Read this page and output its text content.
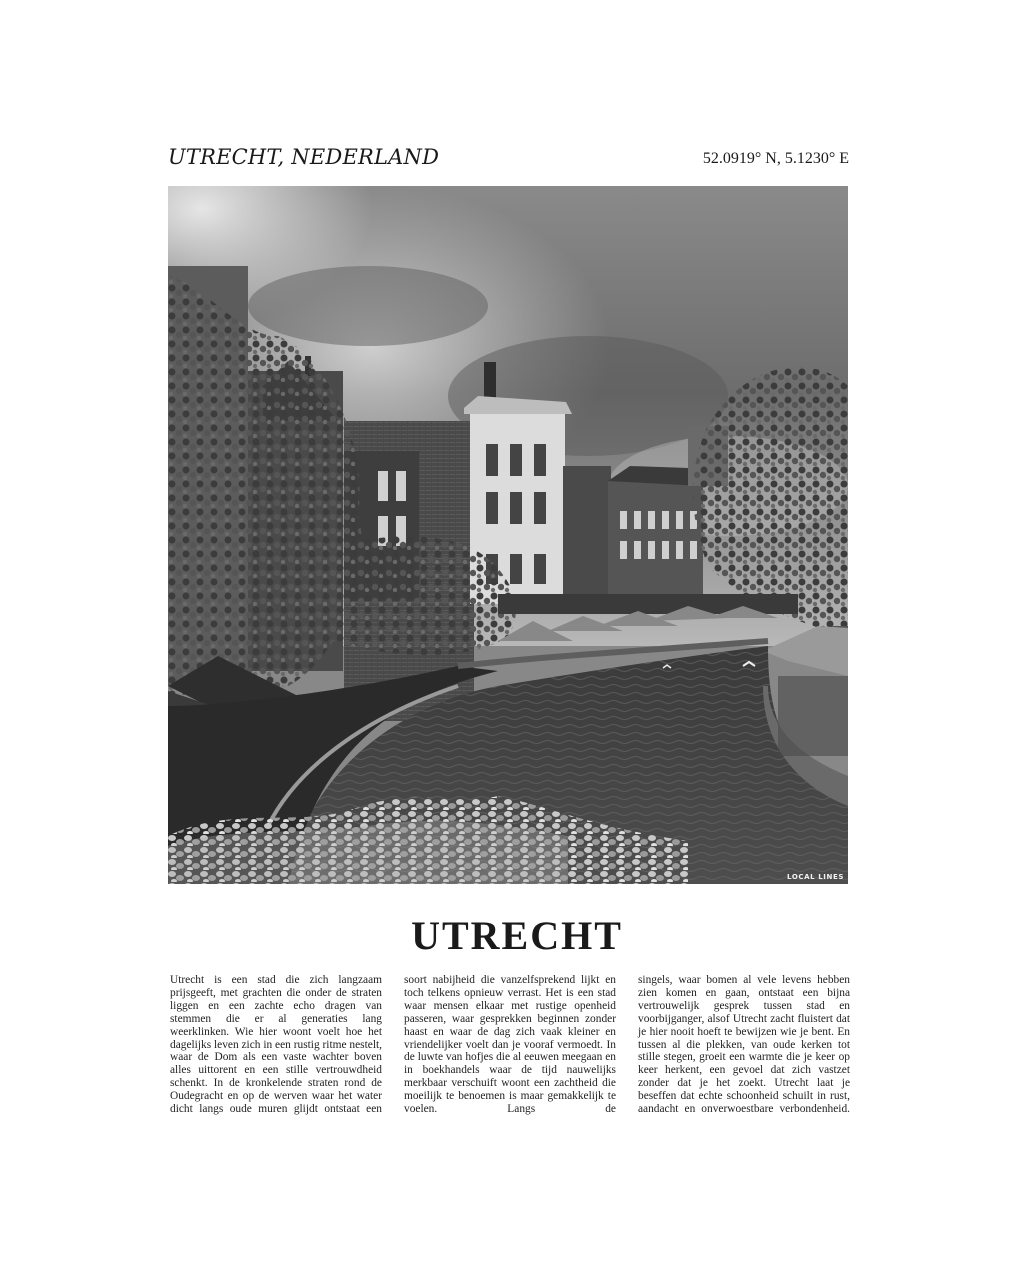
UTRECHT, NEDERLAND	52.0919° N, 5.1230° E
LOCAL LINES
UTRECHT

Utrecht is een stad die zich langzaam prijsgeeft, met grachten die onder de straten liggen en een zachte echo dragen van stemmen die er al generaties lang weerklinken. Wie hier woont voelt hoe het dagelijks leven zich in een rustig ritme nestelt, waar de Dom als een vaste wachter boven alles uittorent en een stille vertrouwdheid schenkt. In de kronkelende straten rond de Oudegracht en op de werven waar het water dicht langs oude muren glijdt ontstaat een

soort nabijheid die vanzelfsprekend lijkt en toch telkens opnieuw verrast. Het is een stad waar mensen elkaar met rustige openheid passeren, waar gesprekken beginnen zonder haast en waar de dag zich vaak kleiner en vriendelijker voelt dan je vooraf vermoedt. In de luwte van hofjes die al eeuwen meegaan en in boekhandels waar de tijd nauwelijks merkbaar verschuift woont een zachtheid die moeilijk te benoemen is maar gemakkelijk te voelen. Langs de

singels, waar bomen al vele levens hebben zien komen en gaan, ontstaat een bijna vertrouwelijk gesprek tussen stad en voorbijganger, alsof Utrecht zacht fluistert dat je hier nooit hoeft te bewijzen wie je bent. En tussen al die plekken, van oude kerken tot stille stegen, groeit een warmte die je keer op keer herkent, een gevoel dat zich vastzet zonder dat je het zoekt. Utrecht laat je beseffen dat echte schoonheid schuilt in rust, aandacht en onverwoestbare verbondenheid.
